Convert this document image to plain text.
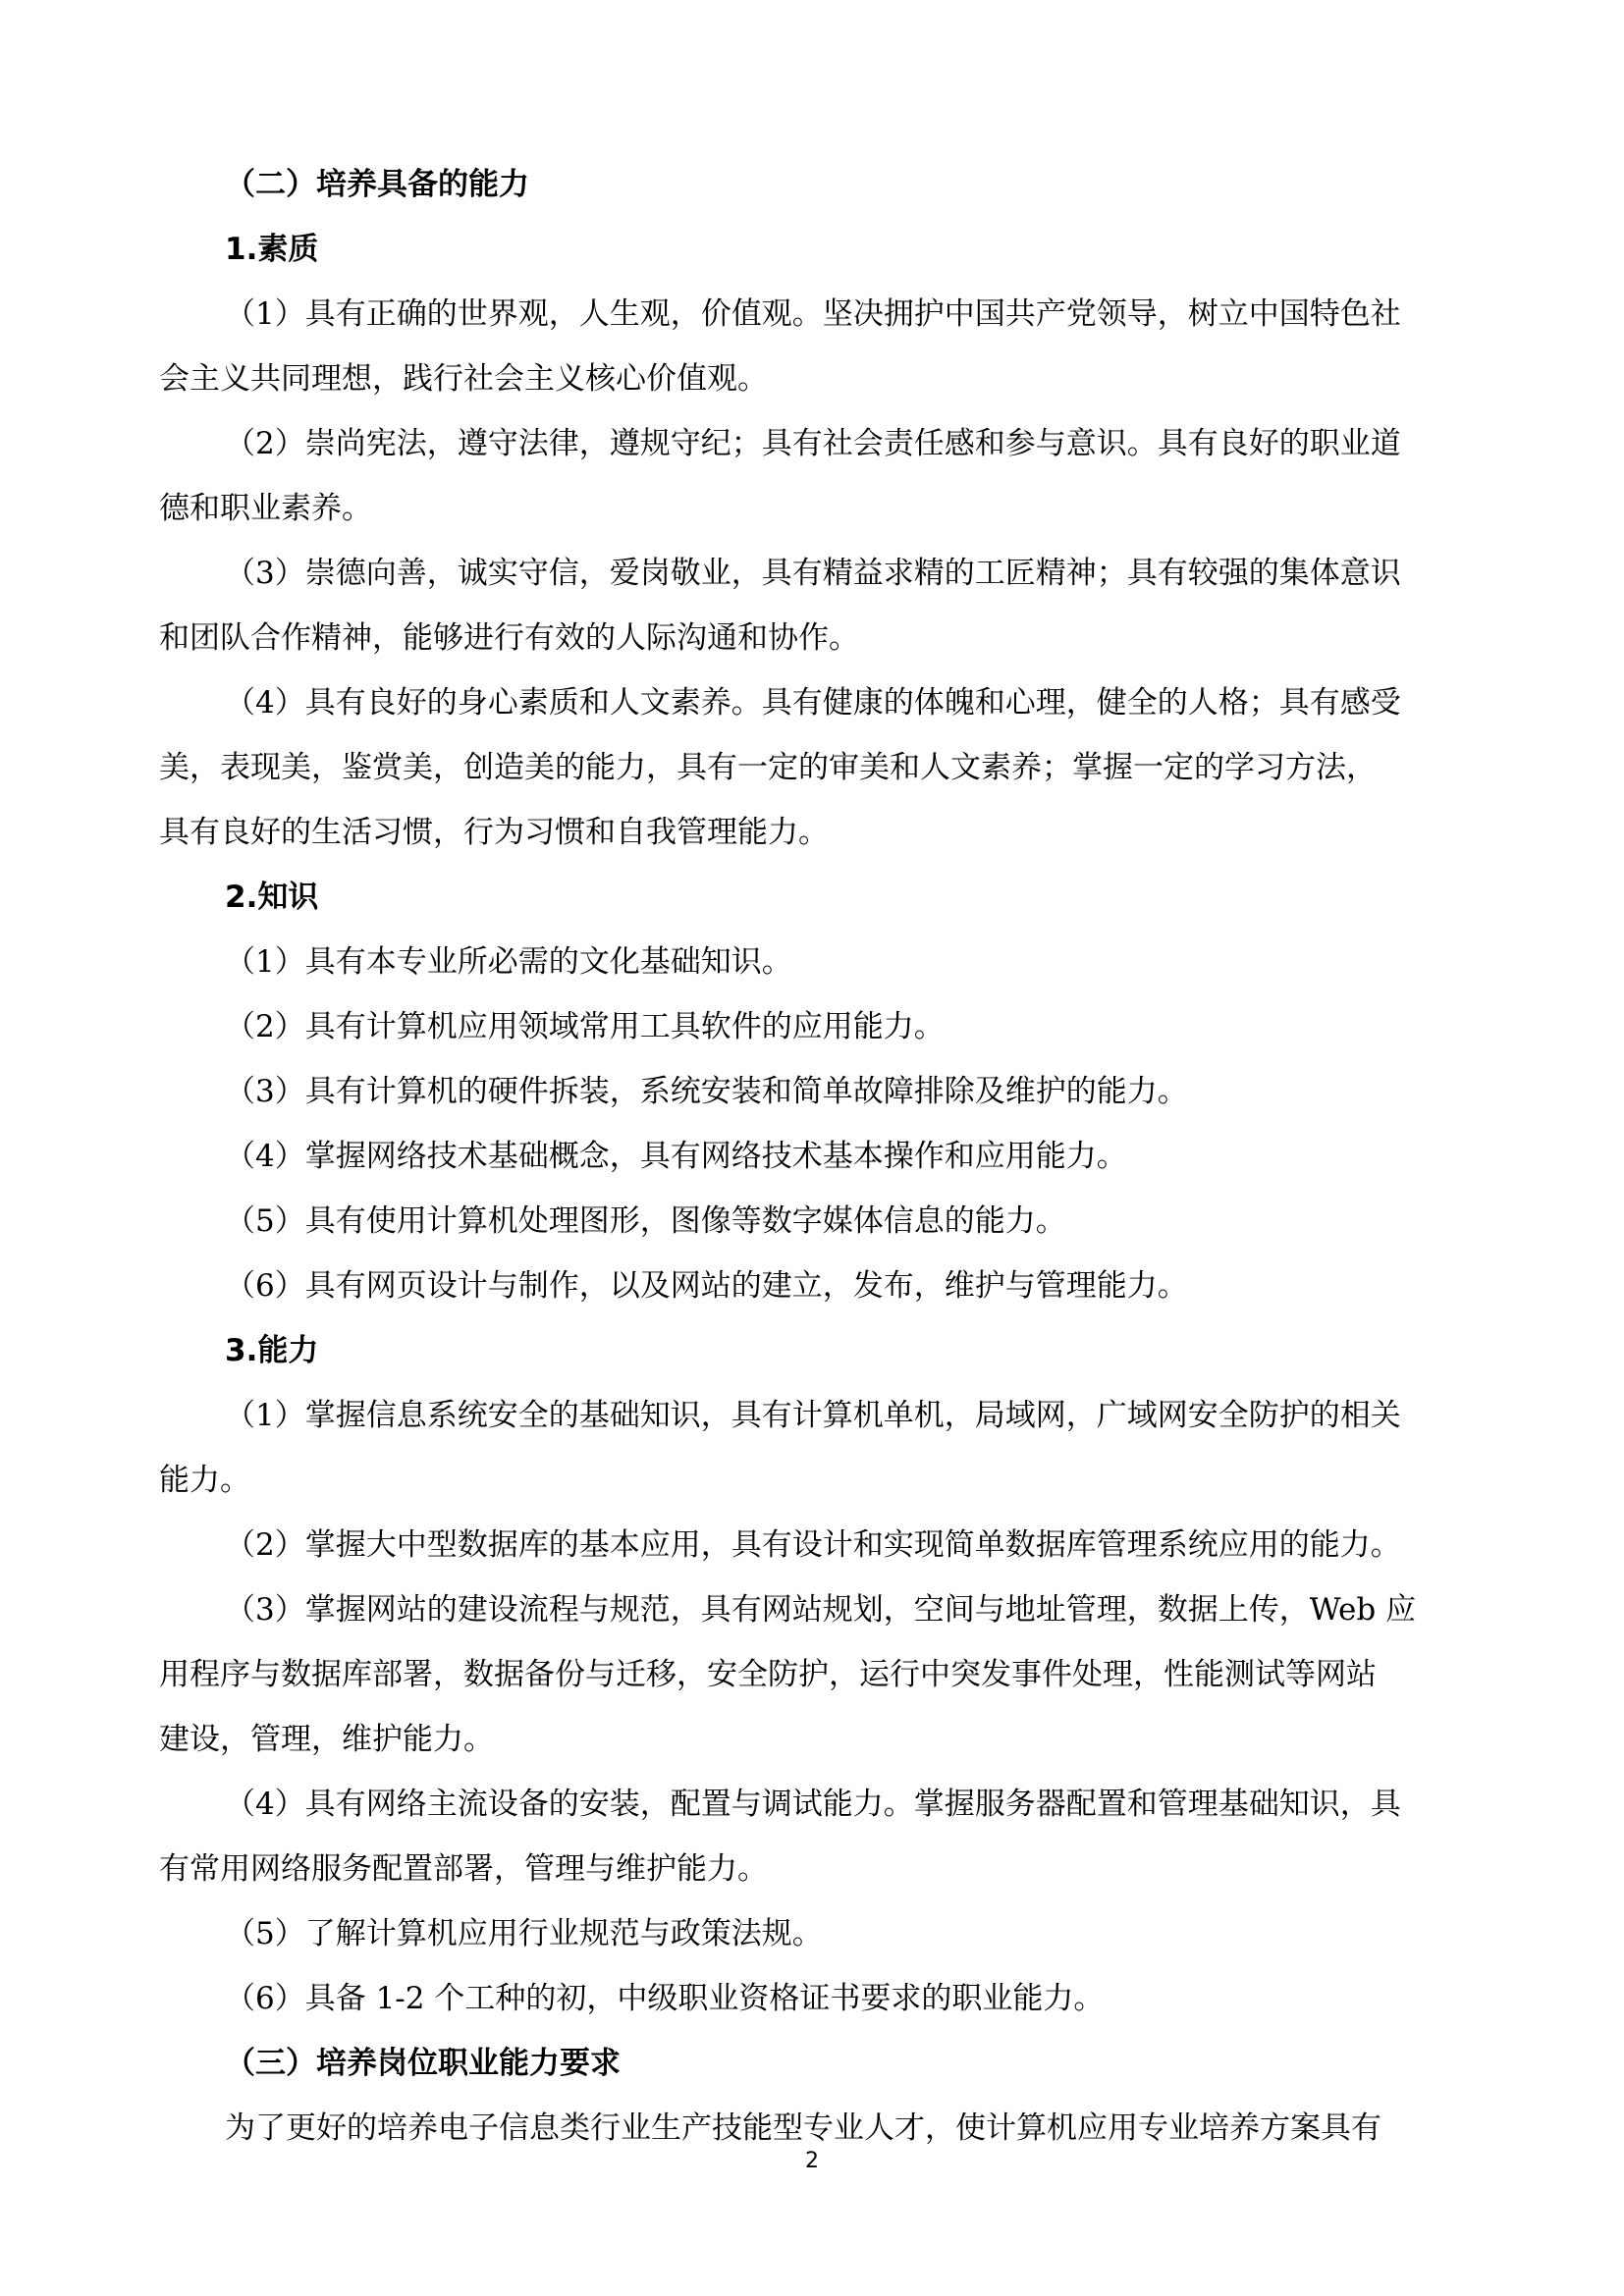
（二）培养具备的能力
1.素质
（1）具有正确的世界观，人生观，价值观。坚决拥护中国共产党领导，树立中国特色社
会主义共同理想，践行社会主义核心价值观。
（2）崇尚宪法，遵守法律，遵规守纪；具有社会责任感和参与意识。具有良好的职业道
德和职业素养。
（3）崇德向善，诚实守信，爱岗敬业，具有精益求精的工匠精神；具有较强的集体意识
和团队合作精神，能够进行有效的人际沟通和协作。
（4）具有良好的身心素质和人文素养。具有健康的体魄和心理，健全的人格；具有感受
美，表现美，鉴赏美，创造美的能力，具有一定的审美和人文素养；掌握一定的学习方法，
具有良好的生活习惯，行为习惯和自我管理能力。
2.知识
（1）具有本专业所必需的文化基础知识。
（2）具有计算机应用领域常用工具软件的应用能力。
（3）具有计算机的硬件拆装，系统安装和简单故障排除及维护的能力。
（4）掌握网络技术基础概念，具有网络技术基本操作和应用能力。
（5）具有使用计算机处理图形，图像等数字媒体信息的能力。
（6）具有网页设计与制作，以及网站的建立，发布，维护与管理能力。
3.能力
（1）掌握信息系统安全的基础知识，具有计算机单机，局域网，广域网安全防护的相关
能力。
（2）掌握大中型数据库的基本应用，具有设计和实现简单数据库管理系统应用的能力。
（3）掌握网站的建设流程与规范，具有网站规划，空间与地址管理，数据上传，Web 应
用程序与数据库部署，数据备份与迁移，安全防护，运行中突发事件处理，性能测试等网站
建设，管理，维护能力。
（4）具有网络主流设备的安装，配置与调试能力。掌握服务器配置和管理基础知识，具
有常用网络服务配置部署，管理与维护能力。
（5）了解计算机应用行业规范与政策法规。
（6）具备 1-2 个工种的初，中级职业资格证书要求的职业能力。
（三）培养岗位职业能力要求
为了更好的培养电子信息类行业生产技能型专业人才，使计算机应用专业培养方案具有
2
